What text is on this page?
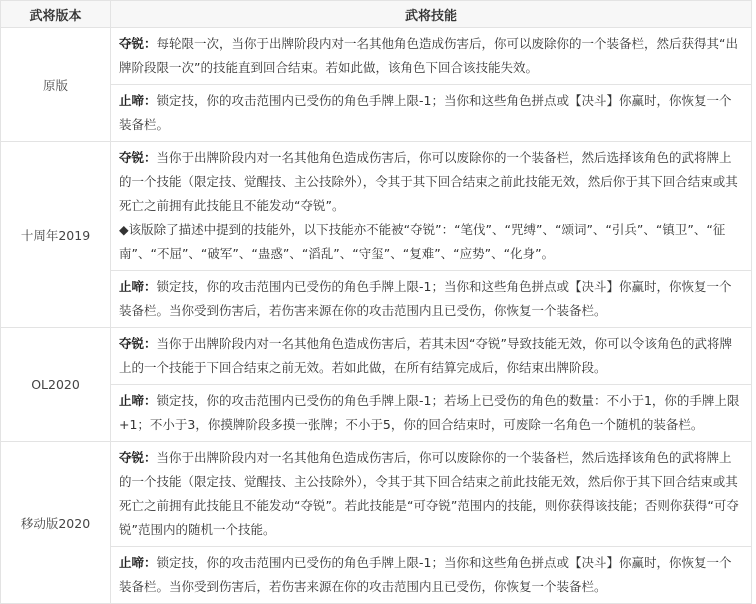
武将版本	武将技能
原版	夺锐：每轮限一次，当你于出牌阶段内对一名其他角色造成伤害后，你可以废除你的一个装备栏，然后获得其“出牌阶段限一次”的技能直到回合结束。若如此做，该角色下回合该技能失效。
	止啼：锁定技，你的攻击范围内已受伤的角色手牌上限-1；当你和这些角色拼点或【决斗】你赢时，你恢复一个装备栏。
十周年2019	夺锐：当你于出牌阶段内对一名其他角色造成伤害后，你可以废除你的一个装备栏，然后选择该角色的武将牌上的一个技能（限定技、觉醒技、主公技除外），令其于其下回合结束之前此技能无效，然后你于其下回合结束或其死亡之前拥有此技能且不能发动“夺锐”。
◆该版除了描述中提到的技能外，以下技能亦不能被“夺锐”：“笔伐”、“咒缚”、“颂词”、“引兵”、“镇卫”、“征南”、“不屈”、“破军”、“蛊惑”、“滔乱”、“守玺”、“复难”、“应势”、“化身”。
	止啼：锁定技，你的攻击范围内已受伤的角色手牌上限-1；当你和这些角色拼点或【决斗】你赢时，你恢复一个装备栏。当你受到伤害后，若伤害来源在你的攻击范围内且已受伤，你恢复一个装备栏。
OL2020	夺锐：当你于出牌阶段内对一名其他角色造成伤害后，若其未因“夺锐”导致技能无效，你可以令该角色的武将牌上的一个技能于下回合结束之前无效。若如此做，在所有结算完成后，你结束出牌阶段。
	止啼：锁定技，你的攻击范围内已受伤的角色手牌上限-1；若场上已受伤的角色的数量：不小于1，你的手牌上限+1；不小于3，你摸牌阶段多摸一张牌；不小于5，你的回合结束时，可废除一名角色一个随机的装备栏。
移动版2020	夺锐：当你于出牌阶段内对一名其他角色造成伤害后，你可以废除你的一个装备栏，然后选择该角色的武将牌上的一个技能（限定技、觉醒技、主公技除外），令其于其下回合结束之前此技能无效，然后你于其下回合结束或其死亡之前拥有此技能且不能发动“夺锐”。若此技能是“可夺锐”范围内的技能，则你获得该技能；否则你获得“可夺锐”范围内的随机一个技能。
	止啼：锁定技，你的攻击范围内已受伤的角色手牌上限-1；当你和这些角色拼点或【决斗】你赢时，你恢复一个装备栏。当你受到伤害后，若伤害来源在你的攻击范围内且已受伤，你恢复一个装备栏。
